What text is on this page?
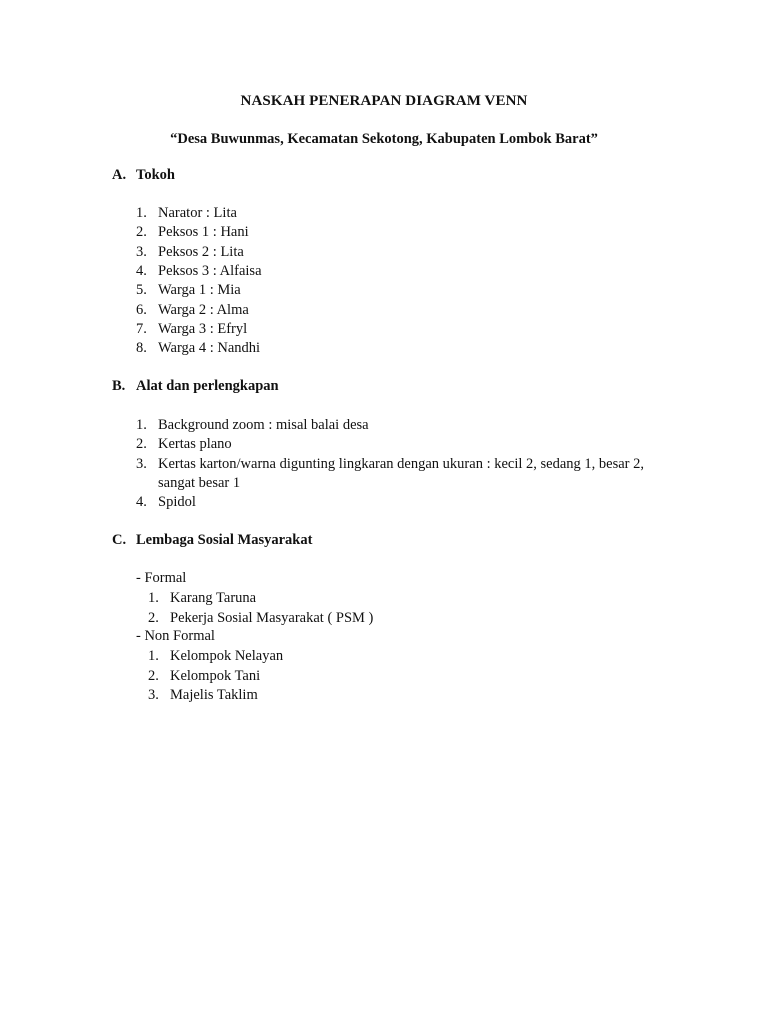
NASKAH PENERAPAN DIAGRAM VENN
“Desa Buwunmas, Kecamatan Sekotong, Kabupaten Lombok Barat”
A. Tokoh
1. Narator : Lita
2. Peksos 1 : Hani
3. Peksos 2 : Lita
4. Peksos 3 : Alfaisa
5. Warga 1 : Mia
6. Warga 2 : Alma
7. Warga 3 : Efryl
8. Warga 4 : Nandhi
B. Alat dan perlengkapan
1. Background zoom : misal balai desa
2. Kertas plano
3. Kertas karton/warna digunting lingkaran dengan ukuran : kecil 2, sedang 1, besar 2,
sangat besar 1
4. Spidol
C. Lembaga Sosial Masyarakat
- Formal
1. Karang Taruna
2. Pekerja Sosial Masyarakat ( PSM )
- Non Formal
1. Kelompok Nelayan
2. Kelompok Tani
3. Majelis Taklim
